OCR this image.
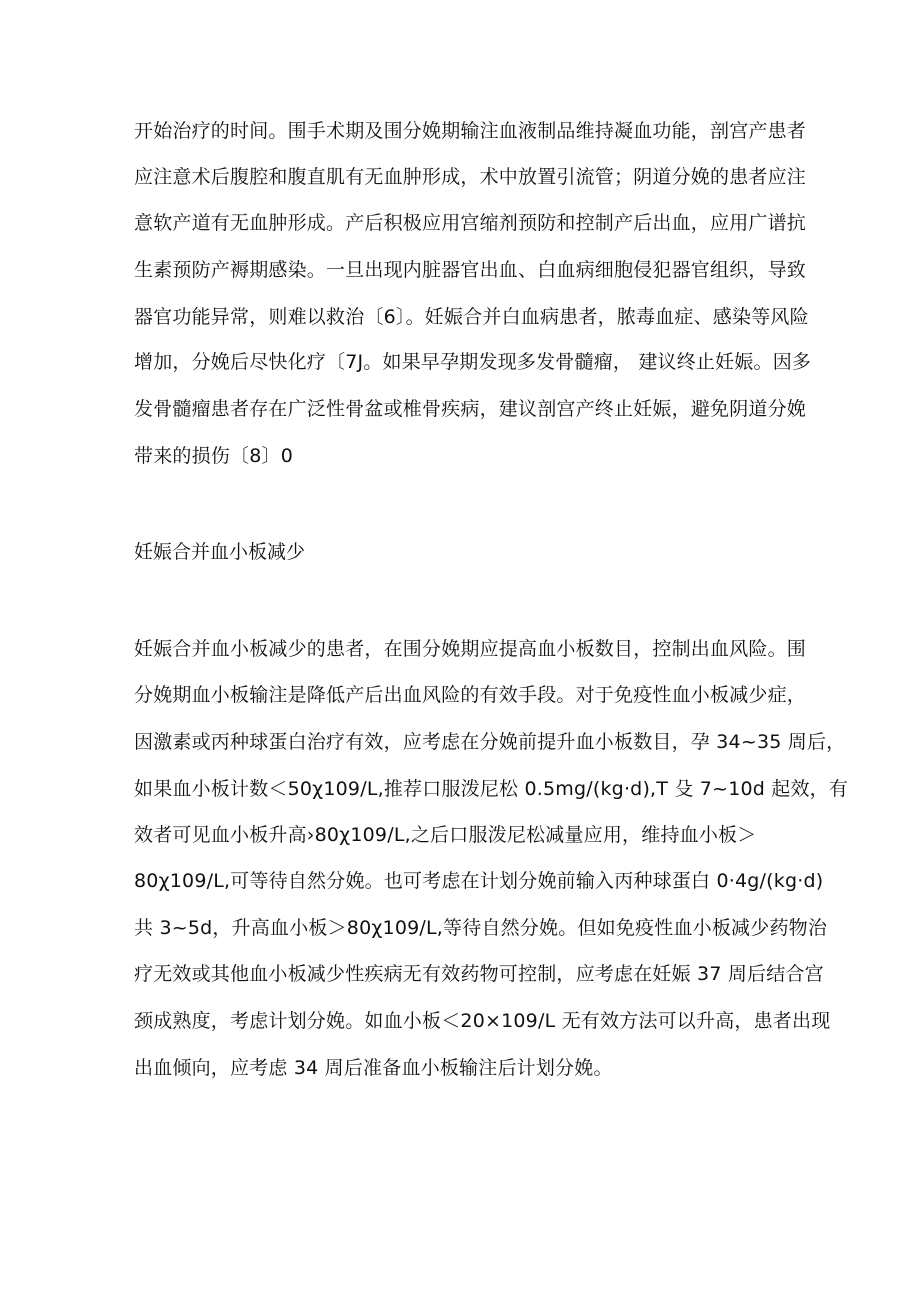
开始治疗的时间。围手术期及围分娩期输注血液制品维持凝血功能，剖宫产患者
应注意术后腹腔和腹直肌有无血肿形成，术中放置引流管；阴道分娩的患者应注
意软产道有无血肿形成。产后积极应用宫缩剂预防和控制产后出血，应用广谱抗
生素预防产褥期感染。一旦出现内脏器官出血、白血病细胞侵犯器官组织，导致
器官功能异常，则难以救治〔6〕。妊娠合并白血病患者，脓毒血症、感染等风险
增加，分娩后尽快化疗〔7J。如果早孕期发现多发骨髓瘤， 建议终止妊娠。因多
发骨髓瘤患者存在广泛性骨盆或椎骨疾病，建议剖宫产终止妊娠，避免阴道分娩
带来的损伤〔8〕0
妊娠合并血小板减少
妊娠合并血小板减少的患者，在围分娩期应提高血小板数目，控制出血风险。围
分娩期血小板输注是降低产后出血风险的有效手段。对于免疫性血小板减少症，
因激素或丙种球蛋白治疗有效，应考虑在分娩前提升血小板数目，孕 34~35 周后，
如果血小板计数＜50χ109∕L,推荐口服泼尼松 0.5mg∕(kg·d),T 殳 7~10d 起效，有
效者可见血小板升高›80χ109∕L,之后口服泼尼松减量应用，维持血小板＞
80χ109/L,可等待自然分娩。也可考虑在计划分娩前输入丙种球蛋白 0·4g∕(kg·d)
共 3~5d，升高血小板＞80χ109∕L,等待自然分娩。但如免疫性血小板减少药物治
疗无效或其他血小板减少性疾病无有效药物可控制，应考虑在妊娠 37 周后结合宫
颈成熟度，考虑计划分娩。如血小板＜20×109∕L 无有效方法可以升高，患者出现
出血倾向，应考虑 34 周后准备血小板输注后计划分娩。
